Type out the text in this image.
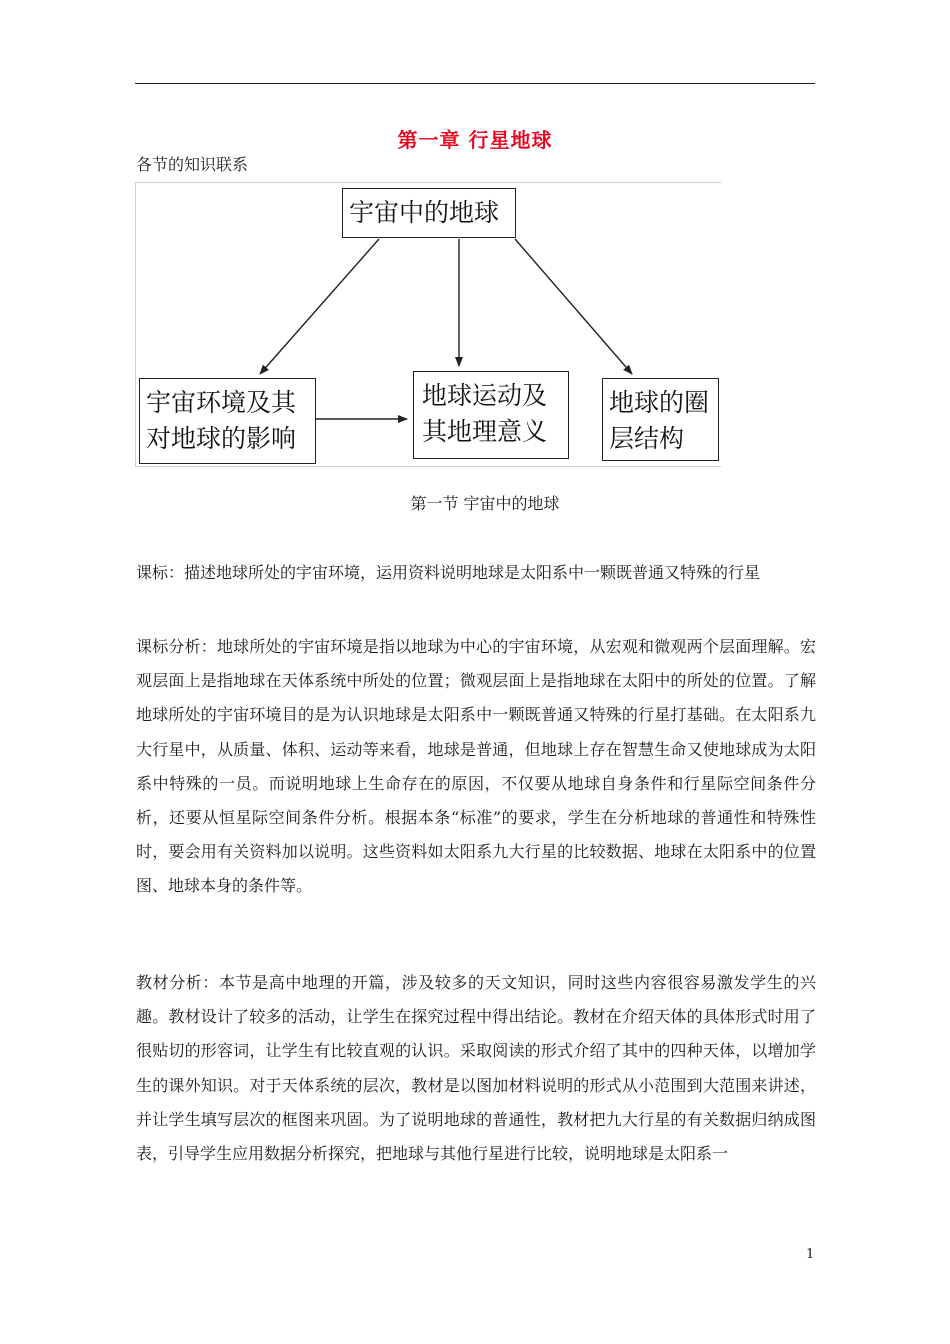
第一章 行星地球
各节的知识联系
宇宙中的地球
宇宙环境及其
对地球的影响
地球运动及
其地理意义
地球的圈
层结构
第一节 宇宙中的地球

课标：描述地球所处的宇宙环境，运用资料说明地球是太阳系中一颗既普通又特殊的行星

课标分析：地球所处的宇宙环境是指以地球为中心的宇宙环境，从宏观和微观两个层面理解。宏观层面上是指地球在天体系统中所处的位置；微观层面上是指地球在太阳中的所处的位置。了解地球所处的宇宙环境目的是为认识地球是太阳系中一颗既普通又特殊的行星打基础。在太阳系九大行星中，从质量、体积、运动等来看，地球是普通，但地球上存在智慧生命又使地球成为太阳系中特殊的一员。而说明地球上生命存在的原因，不仅要从地球自身条件和行星际空间条件分析，还要从恒星际空间条件分析。根据本条“标准”的要求，学生在分析地球的普通性和特殊性时，要会用有关资料加以说明。这些资料如太阳系九大行星的比较数据、地球在太阳系中的位置图、地球本身的条件等。

教材分析：本节是高中地理的开篇，涉及较多的天文知识，同时这些内容很容易激发学生的兴趣。教材设计了较多的活动，让学生在探究过程中得出结论。教材在介绍天体的具体形式时用了很贴切的形容词，让学生有比较直观的认识。采取阅读的形式介绍了其中的四种天体，以增加学生的课外知识。对于天体系统的层次，教材是以图加材料说明的形式从小范围到大范围来讲述，并让学生填写层次的框图来巩固。为了说明地球的普通性，教材把九大行星的有关数据归纳成图表，引导学生应用数据分析探究，把地球与其他行星进行比较，说明地球是太阳系一

1
